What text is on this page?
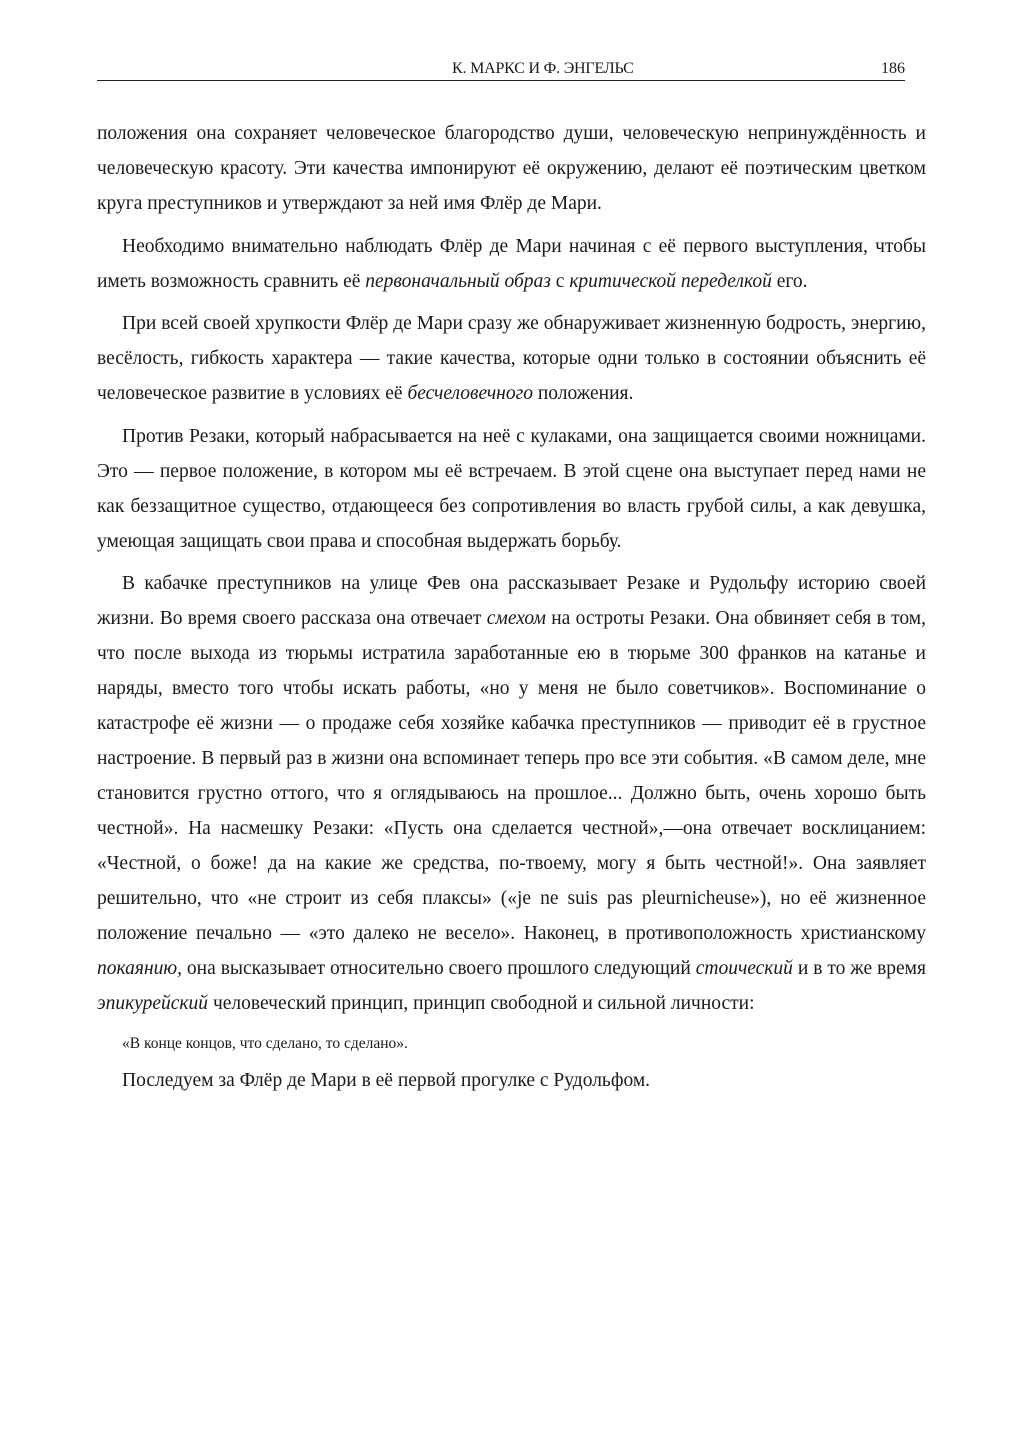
К. МАРКС И Ф. ЭНГЕЛЬС	186

положения она сохраняет человеческое благородство души, человеческую непринуждённость и человеческую красоту. Эти качества импонируют её окружению, делают её поэтическим цветком круга преступников и утверждают за ней имя Флёр де Мари.

Необходимо внимательно наблюдать Флёр де Мари начиная с её первого выступления, чтобы иметь возможность сравнить её первоначальный образ с критической переделкой его.

При всей своей хрупкости Флёр де Мари сразу же обнаруживает жизненную бодрость, энергию, весёлость, гибкость характера — такие качества, которые одни только в состоянии объяснить её человеческое развитие в условиях её бесчеловечного положения.

Против Резаки, который набрасывается на неё с кулаками, она защищается своими ножницами. Это — первое положение, в котором мы её встречаем. В этой сцене она выступает перед нами не как беззащитное существо, отдающееся без сопротивления во власть грубой силы, а как девушка, умеющая защищать свои права и способная выдержать борьбу.

В кабачке преступников на улице Фев она рассказывает Резаке и Рудольфу историю своей жизни. Во время своего рассказа она отвечает смехом на остроты Резаки. Она обвиняет себя в том, что после выхода из тюрьмы истратила заработанные ею в тюрьме 300 франков на катанье и наряды, вместо того чтобы искать работы, «но у меня не было советчиков». Воспоминание о катастрофе её жизни — о продаже себя хозяйке кабачка преступников — приводит её в грустное настроение. В первый раз в жизни она вспоминает теперь про все эти события. «В самом деле, мне становится грустно оттого, что я оглядываюсь на прошлое... Должно быть, очень хорошо быть честной». На насмешку Резаки: «Пусть она сделается честной»,—она отвечает восклицанием: «Честной, о боже! да на какие же средства, по-твоему, могу я быть честной!». Она заявляет решительно, что «не строит из себя плаксы» («je ne suis pas pleurnicheuse»), но её жизненное положение печально — «это далеко не весело». Наконец, в противоположность христианскому покаянию, она высказывает относительно своего прошлого следующий стоический и в то же время эпикурейский человеческий принцип, принцип свободной и сильной личности:

«В конце концов, что сделано, то сделано».

Последуем за Флёр де Мари в её первой прогулке с Рудольфом.
